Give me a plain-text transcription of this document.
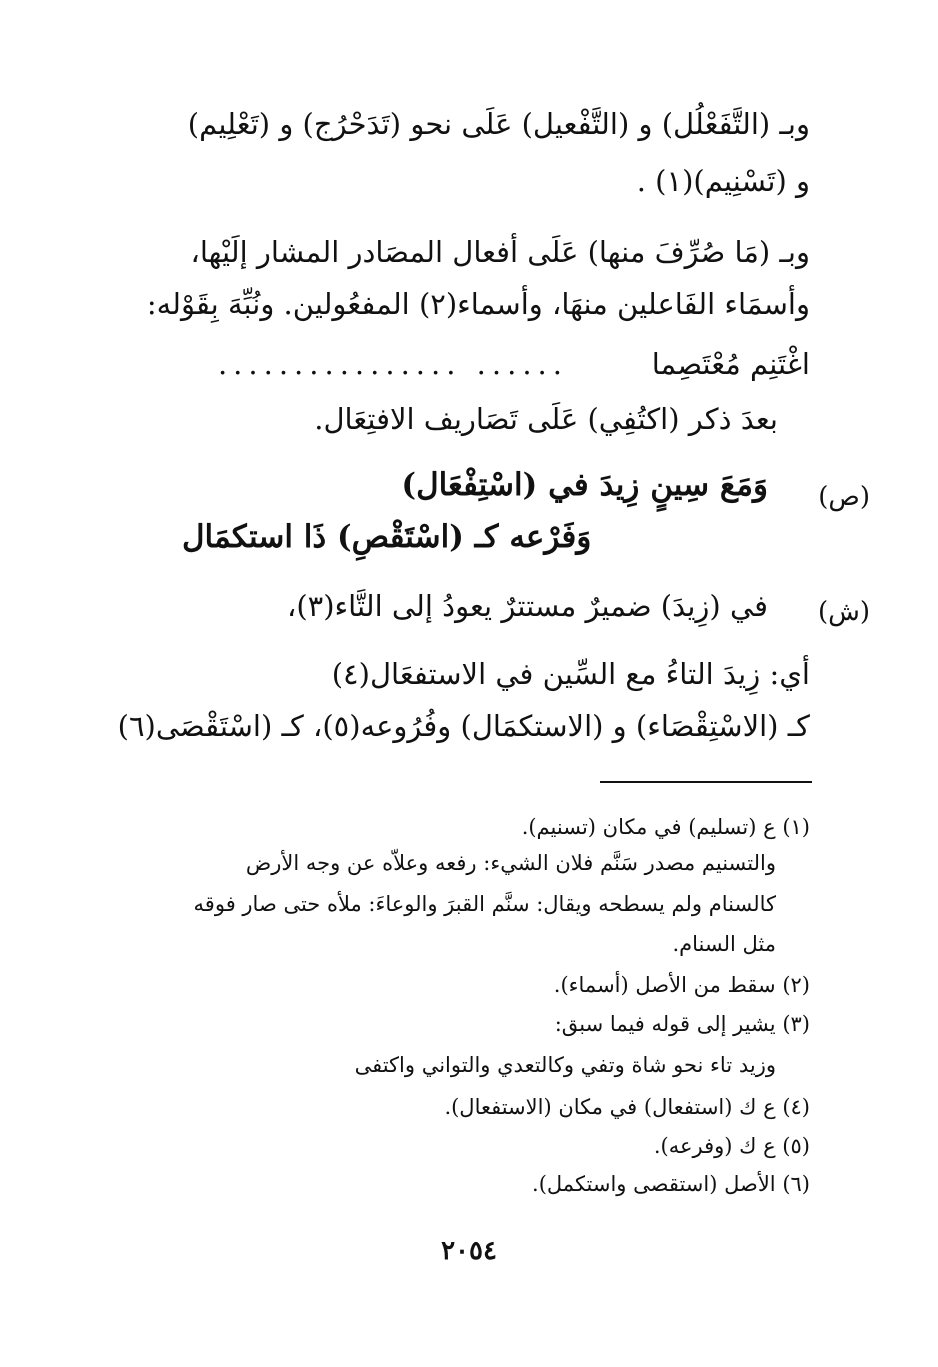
وبـ (التَّفَعْلُل) و (التَّفْعيل) عَلَى نحو (تَدَحْرُج) و (تَعْلِيم)
و (تَسْنِيم)(١) .
وبـ (مَا صُرِّفَ منها) عَلَى أفعال المصَادر المشار إلَيْها،
وأسمَاء الفَاعلين منهَا، وأسماء(٢) المفعُولين. ونُبِّهَ بِقَوْله:
اغْتَنِم مُعْتَصِما
................ ......
بعدَ ذكر (اكتُفِي) عَلَى تَصَاريف الافتِعَال.
(ص)
وَمَعَ سِينٍ زِيدَ في (اسْتِفْعَال)
وَفَرْعه كـ (اسْتَقْصِ) ذَا استكمَال
(ش)
في (زِيدَ) ضميرٌ مستترٌ يعودُ إلى التَّاء(٣)،
أي: زِيدَ التاءُ مع السِّين في الاستفعَال(٤)
كـ (الاسْتِقْصَاء) و (الاستكمَال) وفُرُوعه(٥)، كـ (اسْتَقْصَى(٦)
(١) ع (تسليم) في مكان (تسنيم).
والتسنيم مصدر سَنَّم فلان الشيء: رفعه وعلاّه عن وجه الأرض
كالسنام ولم يسطحه ويقال: سنَّم القبرَ والوعاءَ: ملأه حتى صار فوقه
مثل السنام.
(٢) سقط من الأصل (أسماء).
(٣) يشير إلى قوله فيما سبق:
وزيد تاء نحو شاة وتفي وكالتعدي والتواني واكتفى
(٤) ع ك (استفعال) في مكان (الاستفعال).
(٥) ع ك (وفرعه).
(٦) الأصل (استقصى واستكمل).
٢٠٥٤
